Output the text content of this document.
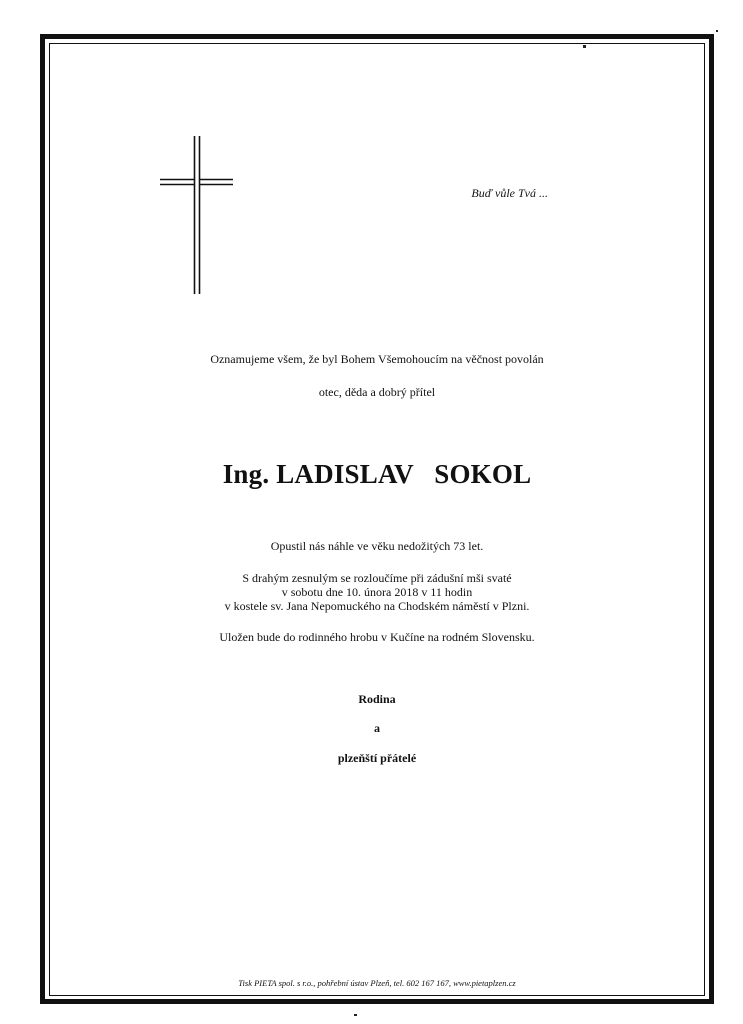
Buď vůle Tvá ...
Oznamujeme všem, že byl Bohem Všemohoucím na věčnost povolán
otec, děda a dobrý přítel
Ing. LADISLAV   SOKOL
Opustil nás náhle ve věku nedožitých 73 let.
S drahým zesnulým se rozloučíme při zádušní mši svaté
v sobotu dne 10. února 2018 v 11 hodin
v kostele sv. Jana Nepomuckého na Chodském náměstí v Plzni.
Uložen bude do rodinného hrobu v Kučíne na rodném Slovensku.
Rodina
a
plzeňští přátelé
Tisk PIETA spol. s r.o., pohřební ústav Plzeň, tel. 602 167 167, www.pietaplzen.cz
